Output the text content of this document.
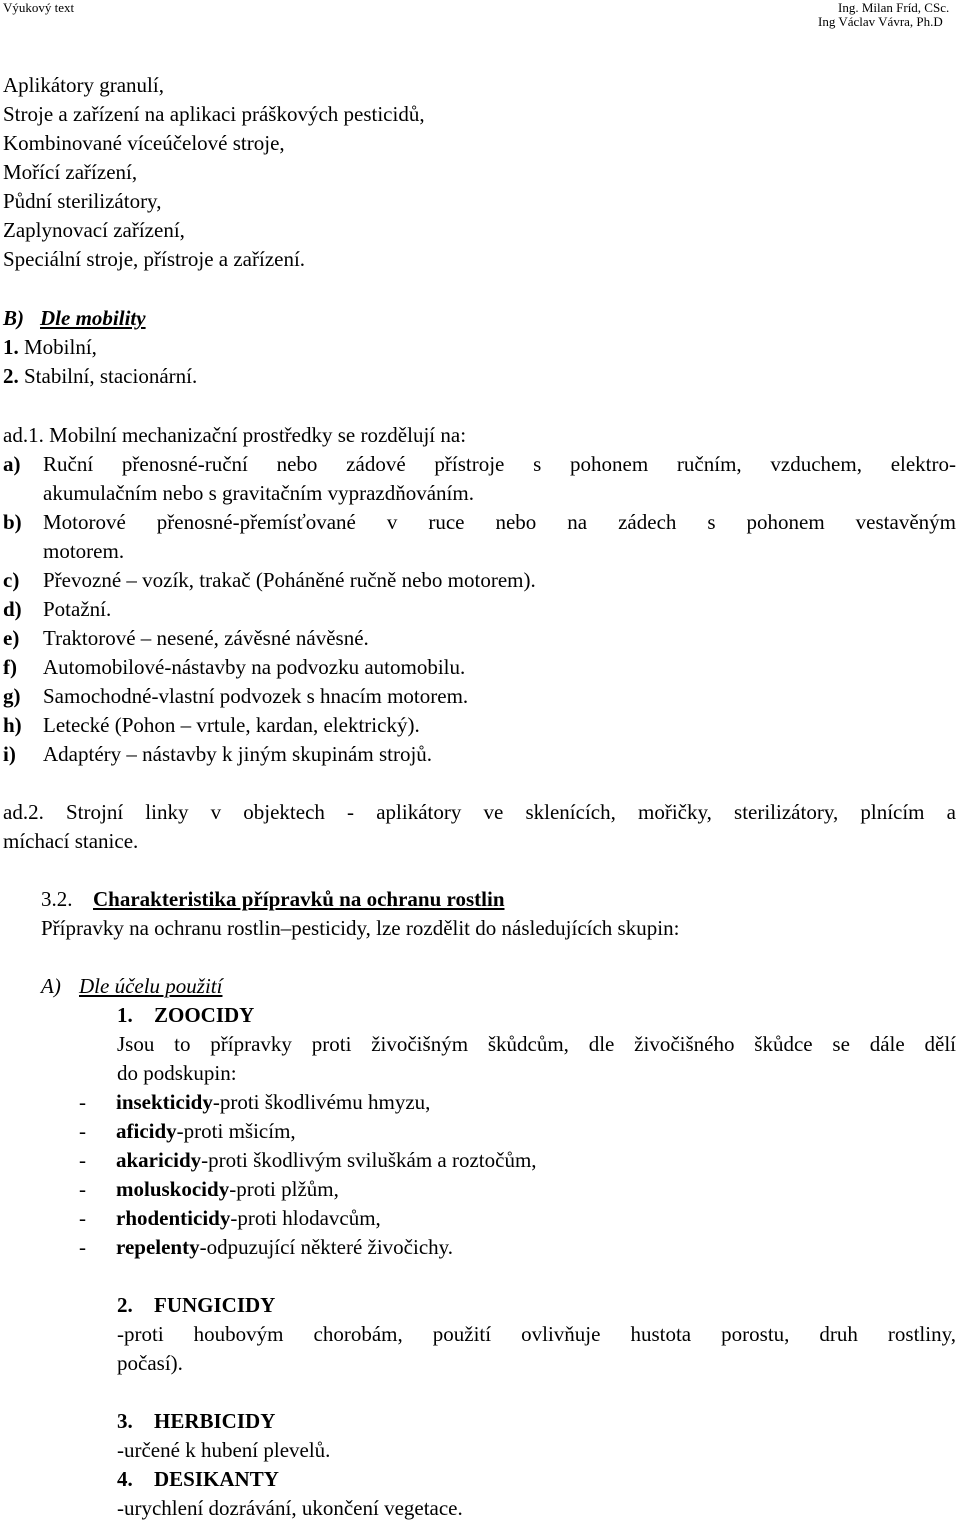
Výukový text	Ing. Milan Fríd, CSc.
Ing Václav Vávra, Ph.D
Aplikátory granulí,
Stroje a zařízení na aplikaci práškových pesticidů,
Kombinované víceúčelové stroje,
Mořící zařízení,
Půdní sterilizátory,
Zaplynovací zařízení,
Speciální stroje, přístroje a zařízení.
B) Dle mobility
1. Mobilní,
2. Stabilní, stacionární.
ad.1. Mobilní mechanizační prostředky se rozdělují na:
a) Ruční přenosné-ruční nebo zádové přístroje s pohonem ručním, vzduchem, elektro-
akumulačním nebo s gravitačním vyprazdňováním.
b) Motorové přenosné-přemísťované v ruce nebo na zádech s pohonem vestavěným
motorem.
c) Převozné – vozík, trakač (Poháněné ručně nebo motorem).
d) Potažní.
e) Traktorové – nesené, závěsné návěsné.
f) Automobilové-nástavby na podvozku automobilu.
g) Samochodné-vlastní podvozek s hnacím motorem.
h) Letecké (Pohon – vrtule, kardan, elektrický).
i) Adaptéry – nástavby k jiným skupinám strojů.
ad.2. Strojní linky v objektech - aplikátory ve sklenících, mořičky, sterilizátory, plnícím a
míchací stanice.
3.2. Charakteristika přípravků na ochranu rostlin
Přípravky na ochranu rostlin–pesticidy, lze rozdělit do následujících skupin:
A) Dle účelu použití
1. ZOOCIDY
Jsou to přípravky proti živočišným škůdcům, dle živočišného škůdce se dále dělí
do podskupin:
- insekticidy-proti škodlivému hmyzu,
- aficidy-proti mšicím,
- akaricidy-proti škodlivým sviluškám a roztočům,
- moluskocidy-proti plžům,
- rhodenticidy-proti hlodavcům,
- repelenty-odpuzující některé živočichy.
2. FUNGICIDY
-proti houbovým chorobám, použití ovlivňuje hustota porostu, druh rostliny,
počasí).
3. HERBICIDY
-určené k hubení plevelů.
4. DESIKANTY
-urychlení dozrávání, ukončení vegetace.
